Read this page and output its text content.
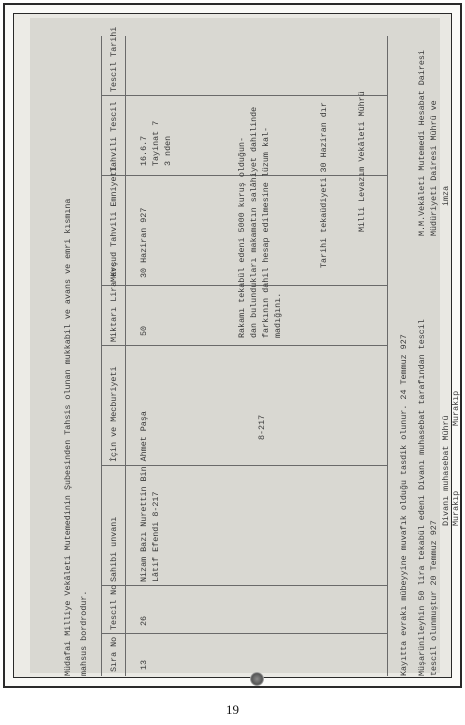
Müdafai Milliye Vekâleti Mutemedinin Şubesinden Tahsis olunan mukkabil ve avans ve emri kısmına mahsus bordrodur. Sıra No
Tescil No
Sahibi unvanı
İçin ve Mecburiyeti
Miktarı Lira Krş
Mevcud Tahvili Emniyeti
Tahvili Tescil
Tescil Tarihi
13
26
Nizam Bazı Nurettin Bin Ahmet Paşa Lâtif Efendi 8-217
50
30 Haziran 927
16.6.7 Tayinat 7 3 nden	Rakamı tekabül edeni 5000 kuruş olduğun- dan bulundukları makamatın salâhiyet dahilinde farkının dahil hesap edilmesine lüzum kal- madığını.
8-217
Tarihi tekaüdiyeti 30 Haziran dır	Milli Levazım Vekâleti Mührü
Kayıtta evrakı mübeyyine muvafık olduğu tasdik olunur. 24 Temmuz 927 Müşarünileyhin 50 lira tekabül edeni Divanı muhasebat tarafından tescil tescil olunmuştur 20 Temmuz 927
Divanı muhasebat Mührü Murakıp
Murakıp
M.M.Vekâleti Mutemedi Hesabat Dairesi Müdüriyeti Dairesi Mührü ve imza
19
